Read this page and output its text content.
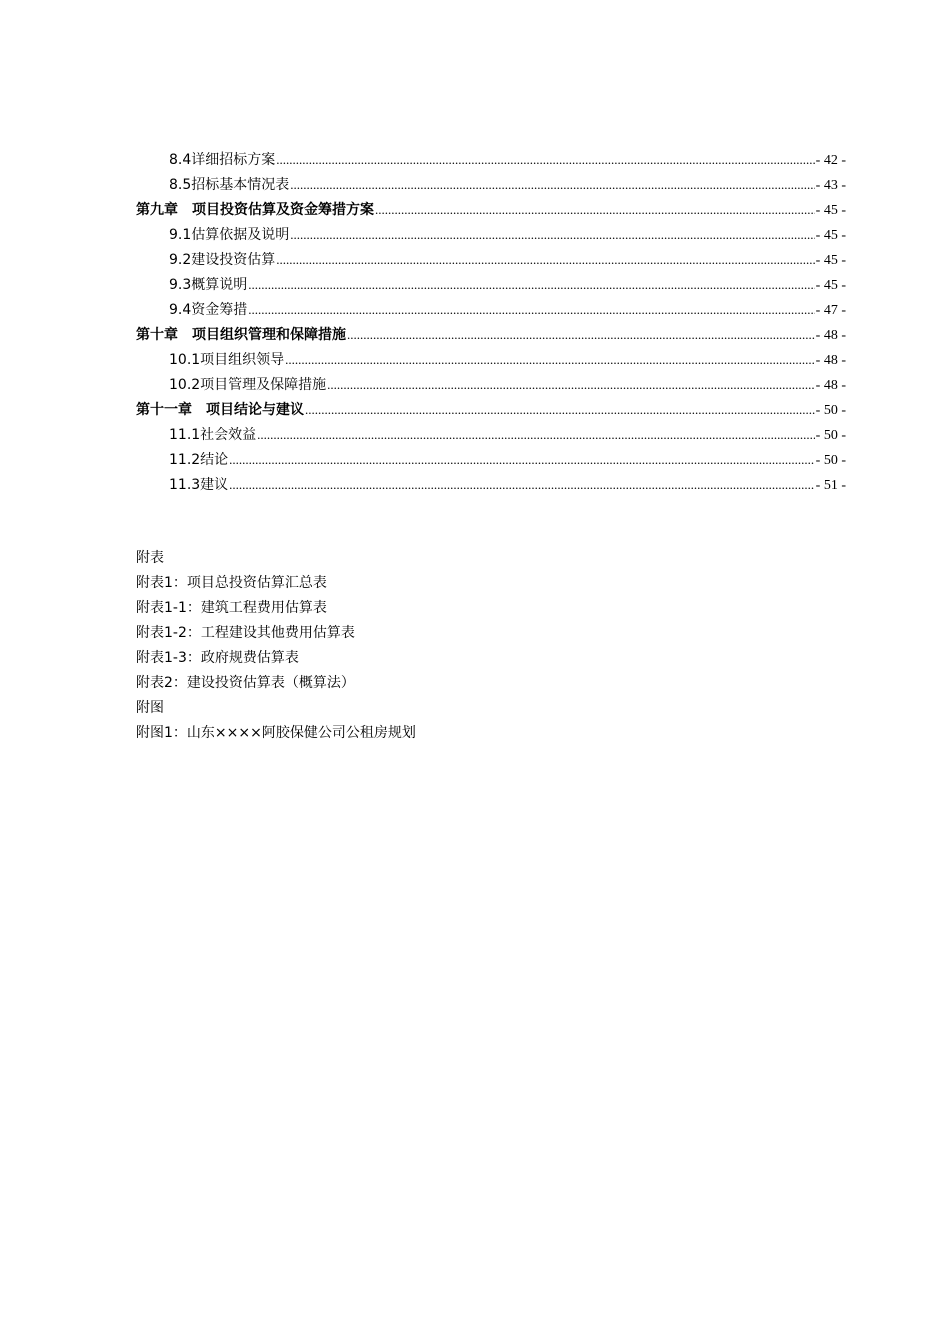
8.4详细招标方案 .....	- 42 -
8.5招标基本情况表 .....	- 43 -
第九章　项目投资估算及资金筹措方案 .....	- 45 -
9.1估算依据及说明 .....	- 45 -
9.2建设投资估算 .....	- 45 -
9.3概算说明 .....	- 45 -
9.4资金筹措 .....	- 47 -
第十章　项目组织管理和保障措施 .....	- 48 -
10.1项目组织领导 .....	- 48 -
10.2项目管理及保障措施 .....	- 48 -
第十一章　项目结论与建议 .....	- 50 -
11.1社会效益 .....	- 50 -
11.2结论 .....	- 50 -
11.3建议 .....	- 51 -
附表
附表1：项目总投资估算汇总表
附表1-1：建筑工程费用估算表
附表1-2：工程建设其他费用估算表
附表1-3：政府规费估算表
附表2：建设投资估算表（概算法）
附图
附图1：山东××××阿胶保健公司公租房规划
